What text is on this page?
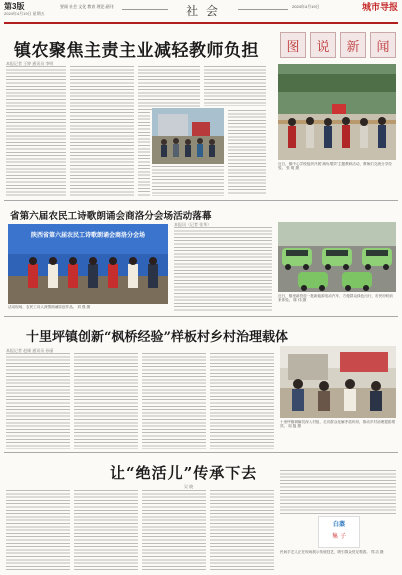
第3版
2024年4月19日 星期五
要闻 社会 文化 教育 理论 副刊	社 会	2024年4月19日	城市导报
镇农聚焦主责主业减轻教师负担
本报记者 王婷 通讯员 李明
图	说	新	闻
近日，镇中心学校组织开展“减负增效”主题教研活动，教师们交流分享经验。 张 明 摄
省第六届农民工诗歌朗诵会商洛分会场活动落幕
陕西省第六届农民工诗歌朗诵会商洛分会场
活动现场，农民工诗人深情朗诵原创作品。 刘 强 摄
本报讯（记者 张华）
近日，镇里新投放一批新能源电动汽车，方便群众绿色出行，市民纷纷前来体验。 陈 伟 摄
十里坪镇创新“枫桥经验”样板村乡村治理载体
本报记者 赵刚 通讯员 孙丽
十里坪镇调解员深入村组，走访群众化解矛盾纠纷，推动乡村治理提质增效。 周 磊 摄
让“绝活儿”传承下去
吴 晓
白蒸
集 子
民间手艺人正在现场展示传统技艺，吸引群众驻足观看。 郑 洁 摄
